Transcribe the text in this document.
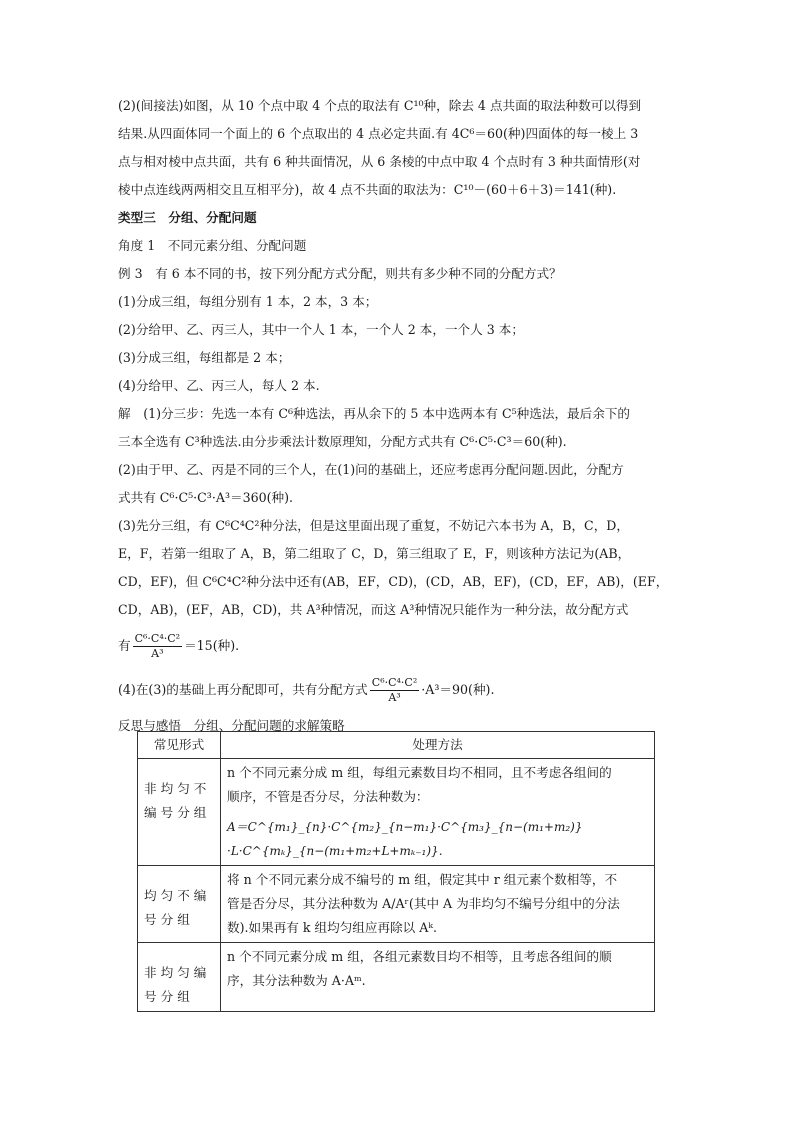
(2)(间接法)如图，从 10 个点中取 4 个点的取法有 C¹⁰种，除去 4 点共面的取法种数可以得到
结果.从四面体同一个面上的 6 个点取出的 4 点必定共面.有 4C⁶＝60(种)四面体的每一棱上 3
点与相对棱中点共面，共有 6 种共面情况，从 6 条棱的中点中取 4 个点时有 3 种共面情形(对
棱中点连线两两相交且互相平分)，故 4 点不共面的取法为：C¹⁰－(60＋6＋3)＝141(种).
类型三　分组、分配问题
角度 1　不同元素分组、分配问题
例 3　有 6 本不同的书，按下列分配方式分配，则共有多少种不同的分配方式？
(1)分成三组，每组分别有 1 本，2 本，3 本；
(2)分给甲、乙、丙三人，其中一个人 1 本，一个人 2 本，一个人 3 本；
(3)分成三组，每组都是 2 本；
(4)分给甲、乙、丙三人，每人 2 本.
解　(1)分三步：先选一本有 C⁶种选法，再从余下的 5 本中选两本有 C⁵种选法，最后余下的
三本全选有 C³种选法.由分步乘法计数原理知，分配方式共有 C⁶·C⁵·C³＝60(种).
(2)由于甲、乙、丙是不同的三个人，在(1)问的基础上，还应考虑再分配问题.因此，分配方
式共有 C⁶·C⁵·C³·A³＝360(种).
(3)先分三组，有 C⁶C⁴C²种分法，但是这里面出现了重复，不妨记六本书为 A，B，C，D，
E，F，若第一组取了 A，B，第二组取了 C，D，第三组取了 E，F，则该种方法记为(AB，
CD，EF)，但 C⁶C⁴C²种分法中还有(AB，EF，CD)，(CD，AB，EF)，(CD，EF，AB)，(EF，
CD，AB)，(EF，AB，CD)，共 A³种情况，而这 A³种情况只能作为一种分法，故分配方式
有 $\frac{\text{C⁶·C⁴·C²}}{\text{A³}} =15$(种).
(4)在(3)的基础上再分配即可，共有分配方式 $\frac{\text{C⁶·C⁴·C²}}{\text{A³}} \cdot A^3=90$(种).
反思与感悟　分组、分配问题的求解策略
常见形式	处理方法
非均匀不编号分组	n 个不同元素分成 m 组，每组元素数目均不相同，且不考虑各组间的
顺序，不管是否分尽，分法种数为：
A＝C^{m₁}_{n}·C^{m₂}_{n−m₁}·C^{m₃}_{n−(m₁+m₂)}·L·C^{mₖ}_{n−(m₁+m₂+L+mₖ₋₁)}.

均匀不编号分组	将 n 个不同元素分成不编号的 m 组，假定其中 r 组元素个数相等，不
管是否分尽，其分法种数为 A/Aʳ(其中 A 为非均匀不编号分组中的分法
数).如果再有 k 组均匀组应再除以 Aᵏ.

非均匀编号分组	n 个不同元素分成 m 组，各组元素数目均不相等，且考虑各组间的顺
序，其分法种数为 A·Aᵐ.
